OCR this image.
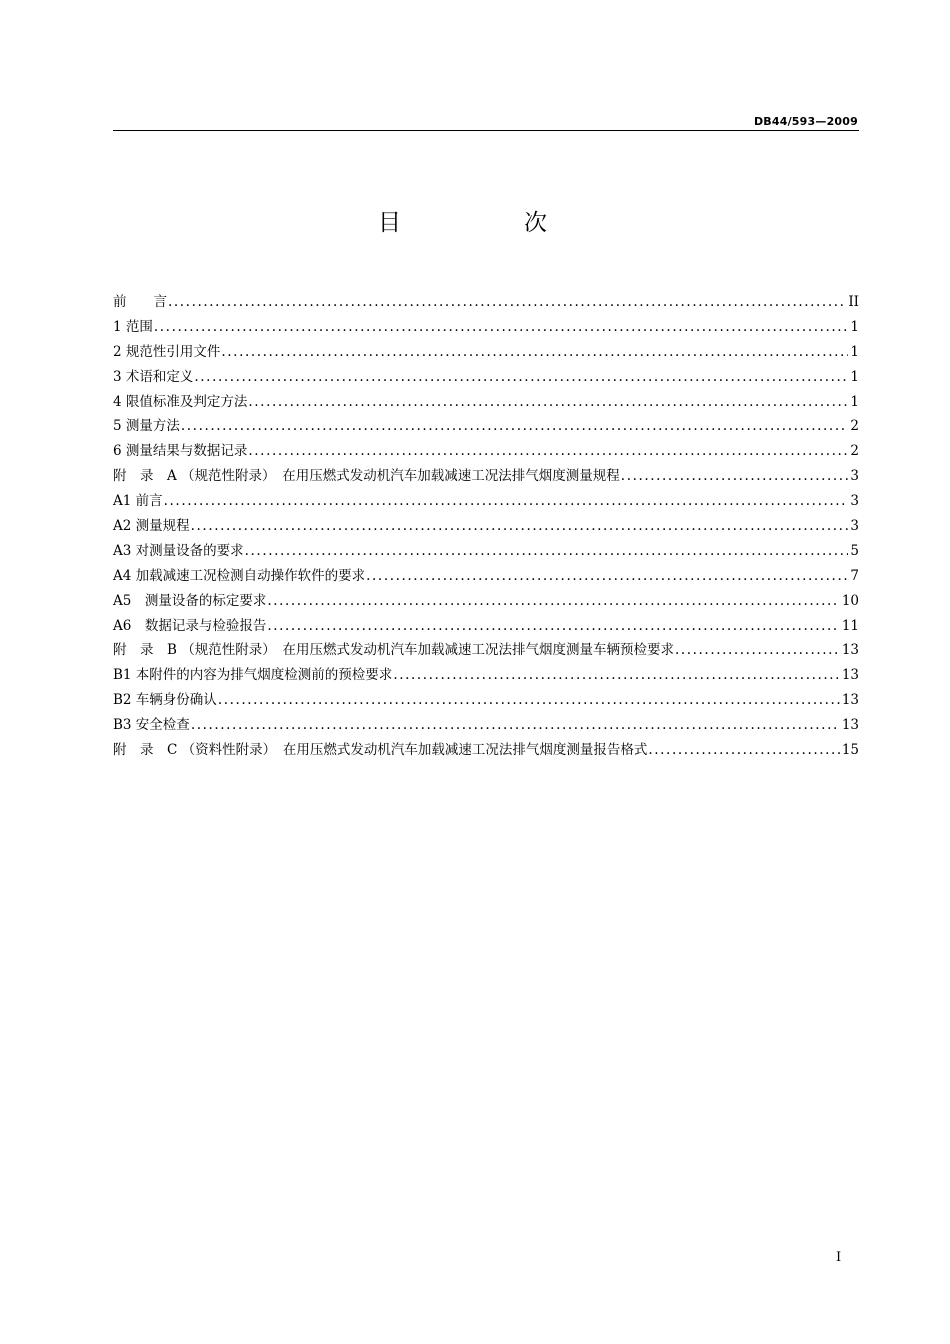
DB44/593—2009
目　次
前　　言 .....	II
1 范围 .....	1
2 规范性引用文件 .....	1
3 术语和定义 .....	1
4 限值标准及判定方法 .....	1
5 测量方法 .....	2
6 测量结果与数据记录 .....	2
附　录　A （规范性附录）　在用压燃式发动机汽车加载减速工况法排气烟度测量规程 .....	3
A1 前言 .....	3
A2 测量规程 .....	3
A3 对测量设备的要求 .....	5
A4 加载减速工况检测自动操作软件的要求 .....	7
A5　测量设备的标定要求 .....	10
A6　数据记录与检验报告 .....	11
附　录　B （规范性附录）　在用压燃式发动机汽车加载减速工况法排气烟度测量车辆预检要求 .....	13
B1 本附件的内容为排气烟度检测前的预检要求 .....	13
B2 车辆身份确认 .....	13
B3 安全检查 .....	13
附　录　C （资料性附录）　在用压燃式发动机汽车加载减速工况法排气烟度测量报告格式 .....	15
I
